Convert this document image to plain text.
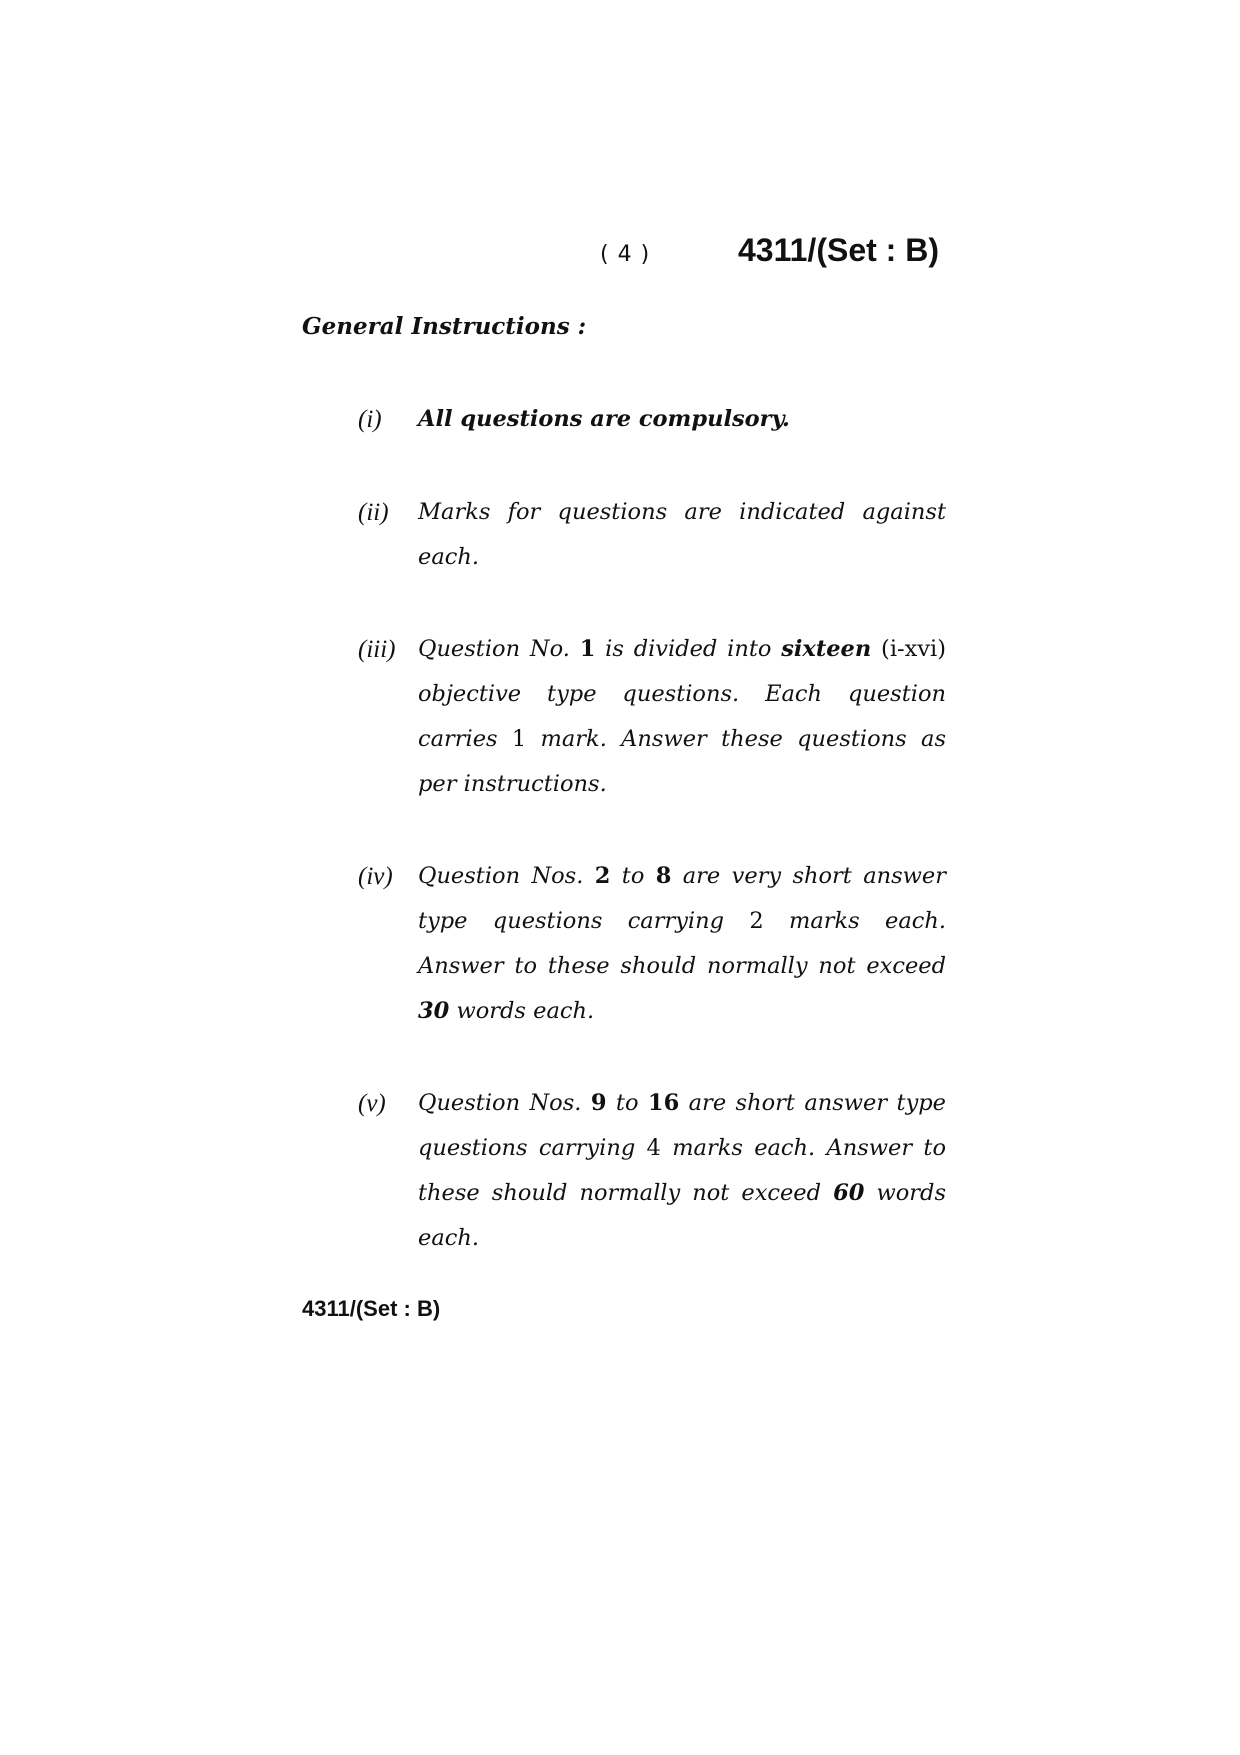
( 4 )	4311/(Set : B)
General Instructions :
(i) All questions are compulsory.
(ii) Marks for questions are indicated against each.
(iii) Question No. 1 is divided into sixteen (i-xvi) objective type questions. Each question carries 1 mark. Answer these questions as per instructions.
(iv) Question Nos. 2 to 8 are very short answer type questions carrying 2 marks each. Answer to these should normally not exceed 30 words each.
(v) Question Nos. 9 to 16 are short answer type questions carrying 4 marks each. Answer to these should normally not exceed 60 words each.
4311/(Set : B)
